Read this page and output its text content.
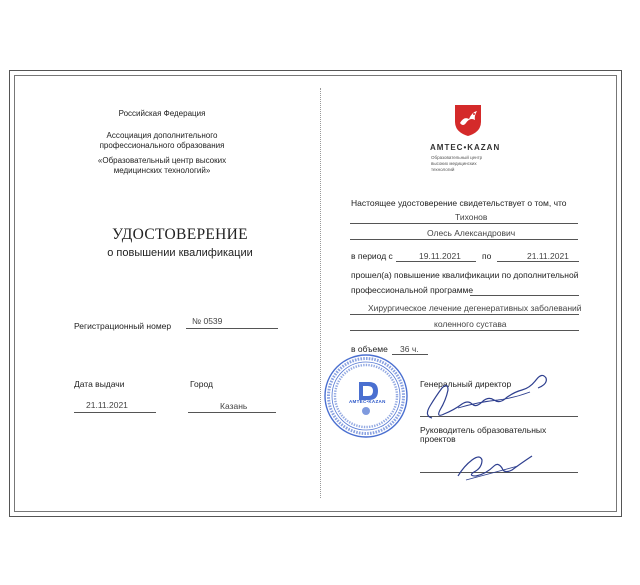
Российская Федерация
Ассоциация дополнительного
профессионального образования
«Образовательный центр высоких
медицинских технологий»
УДОСТОВЕРЕНИЕ
о повышении квалификации
Регистрационный номер № 0539
Дата выдачи	Город
21.11.2021	Казань
AMTEC•KAZAN
Образовательный центр
высоких медицинских
технологий
Настоящее удостоверение свидетельствует о том, что
Тихонов
Олесь Александрович
в период с	19.11.2021 по	21.11.2021
прошел(а) повышение квалификации по дополнительной
профессиональной программе
Хирургическое лечение дегенеративных заболеваний
коленного сустава
в объеме 36 ч.
AMTEC•KAZAN
Генеральный директор
Руководитель образовательных
проектов
